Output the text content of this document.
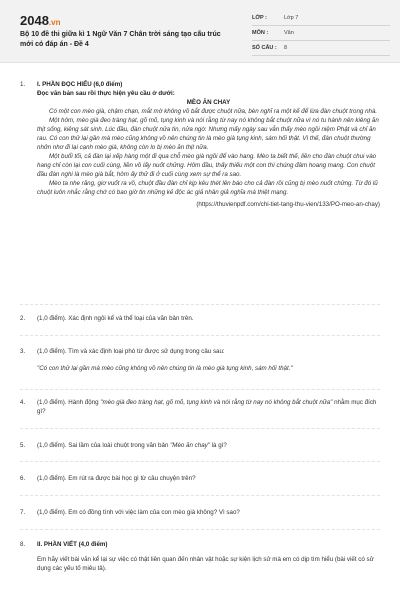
2048.vn
Bộ 10 đề thi giữa kì 1 Ngữ Văn 7 Chân trời sáng tạo cấu trúc mới có đáp án - Đề 4
LỚP :	Lớp 7
MÔN :	Văn
SỐ CÂU :	8
1.	I. PHẦN ĐỌC HIỂU (6,0 điểm)

Đọc văn bản sau rồi thực hiện yêu cầu ở dưới:

MÈO ĂN CHAY

Có một con mèo già, chậm chạn, mắt mờ không vồ bắt được chuột nữa, bèn nghĩ ra một kế để lừa đàn chuột trong nhà.

Một hôm, mèo già đeo tràng hạt, gõ mõ, tụng kinh và nói rằng từ nay nó không bắt chuột nữa vì nó tu hành nên kiêng ăn thịt sống, kiêng sát sinh. Lúc đầu, đàn chuột nửa tin, nửa ngờ. Nhưng mấy ngày sau vẫn thấy mèo ngồi niệm Phật và chỉ ăn rau. Có con thử lại gần mà mèo cũng không vồ nên chúng tin là mèo già tụng kinh, sám hối thật. Vì thế, đàn chuột thường nhởn nhơ đi lại cạnh mèo già, không còn lo bị mèo ăn thịt nữa.

Một buổi tối, cả đàn lại xếp hàng một đi qua chỗ mèo già ngồi để vào hang. Mèo ta biết thế, liền cho đàn chuột chui vào hang chỉ còn lại con cuối cùng, liền vồ lấy nuốt chửng. Hôm đầu, thấy thiếu một con thì chúng đâm hoang mang. Con chuột đầu đàn nghi là mèo già bắt, hôm ấy thử đi ở cuối cùng xem sự thể ra sao.

Mèo ta nhe răng, giơ vuốt ra vồ, chuột đầu đàn chỉ kịp kêu thét lên báo cho cả đàn rồi cũng bị mèo nuốt chửng. Từ đó lũ chuột luôn nhắc rằng chớ có bao giờ tin những kẻ độc ác giả nhân giả nghĩa mà thiệt mạng.

(https://thuvienpdf.com/chi-tiet-tang-thu-vien/133/PO-meo-an-chay)

2.	(1,0 điểm). Xác định ngôi kể và thể loại của văn bản trên.
3.	(1,0 điểm). Tìm và xác định loại phó từ được sử dụng trong câu sau:

"Có con thử lại gần mà mèo cũng không vồ nên chúng tin là mèo già tụng kinh, sám hối thật."

4.	(1,0 điểm). Hành động "mèo già đeo tràng hạt, gõ mõ, tụng kinh và nói rằng từ nay nó không bắt chuột nữa" nhằm mục đích gì?
5.	(1,0 điểm). Sai lầm của loài chuột trong văn bản "Mèo ăn chay" là gì?
6.	(1,0 điểm). Em rút ra được bài học gì từ câu chuyện trên?
7.	(1,0 điểm). Em có đồng tình với việc làm của con mèo già không? Vì sao?
8.	II. PHẦN VIẾT (4,0 điểm)

Em hãy viết bài văn kể lại sự việc có thật liên quan đến nhân vật hoặc sự kiện lịch sử mà em có dịp tìm hiểu (bài viết có sử dụng các yếu tố miêu tả).
